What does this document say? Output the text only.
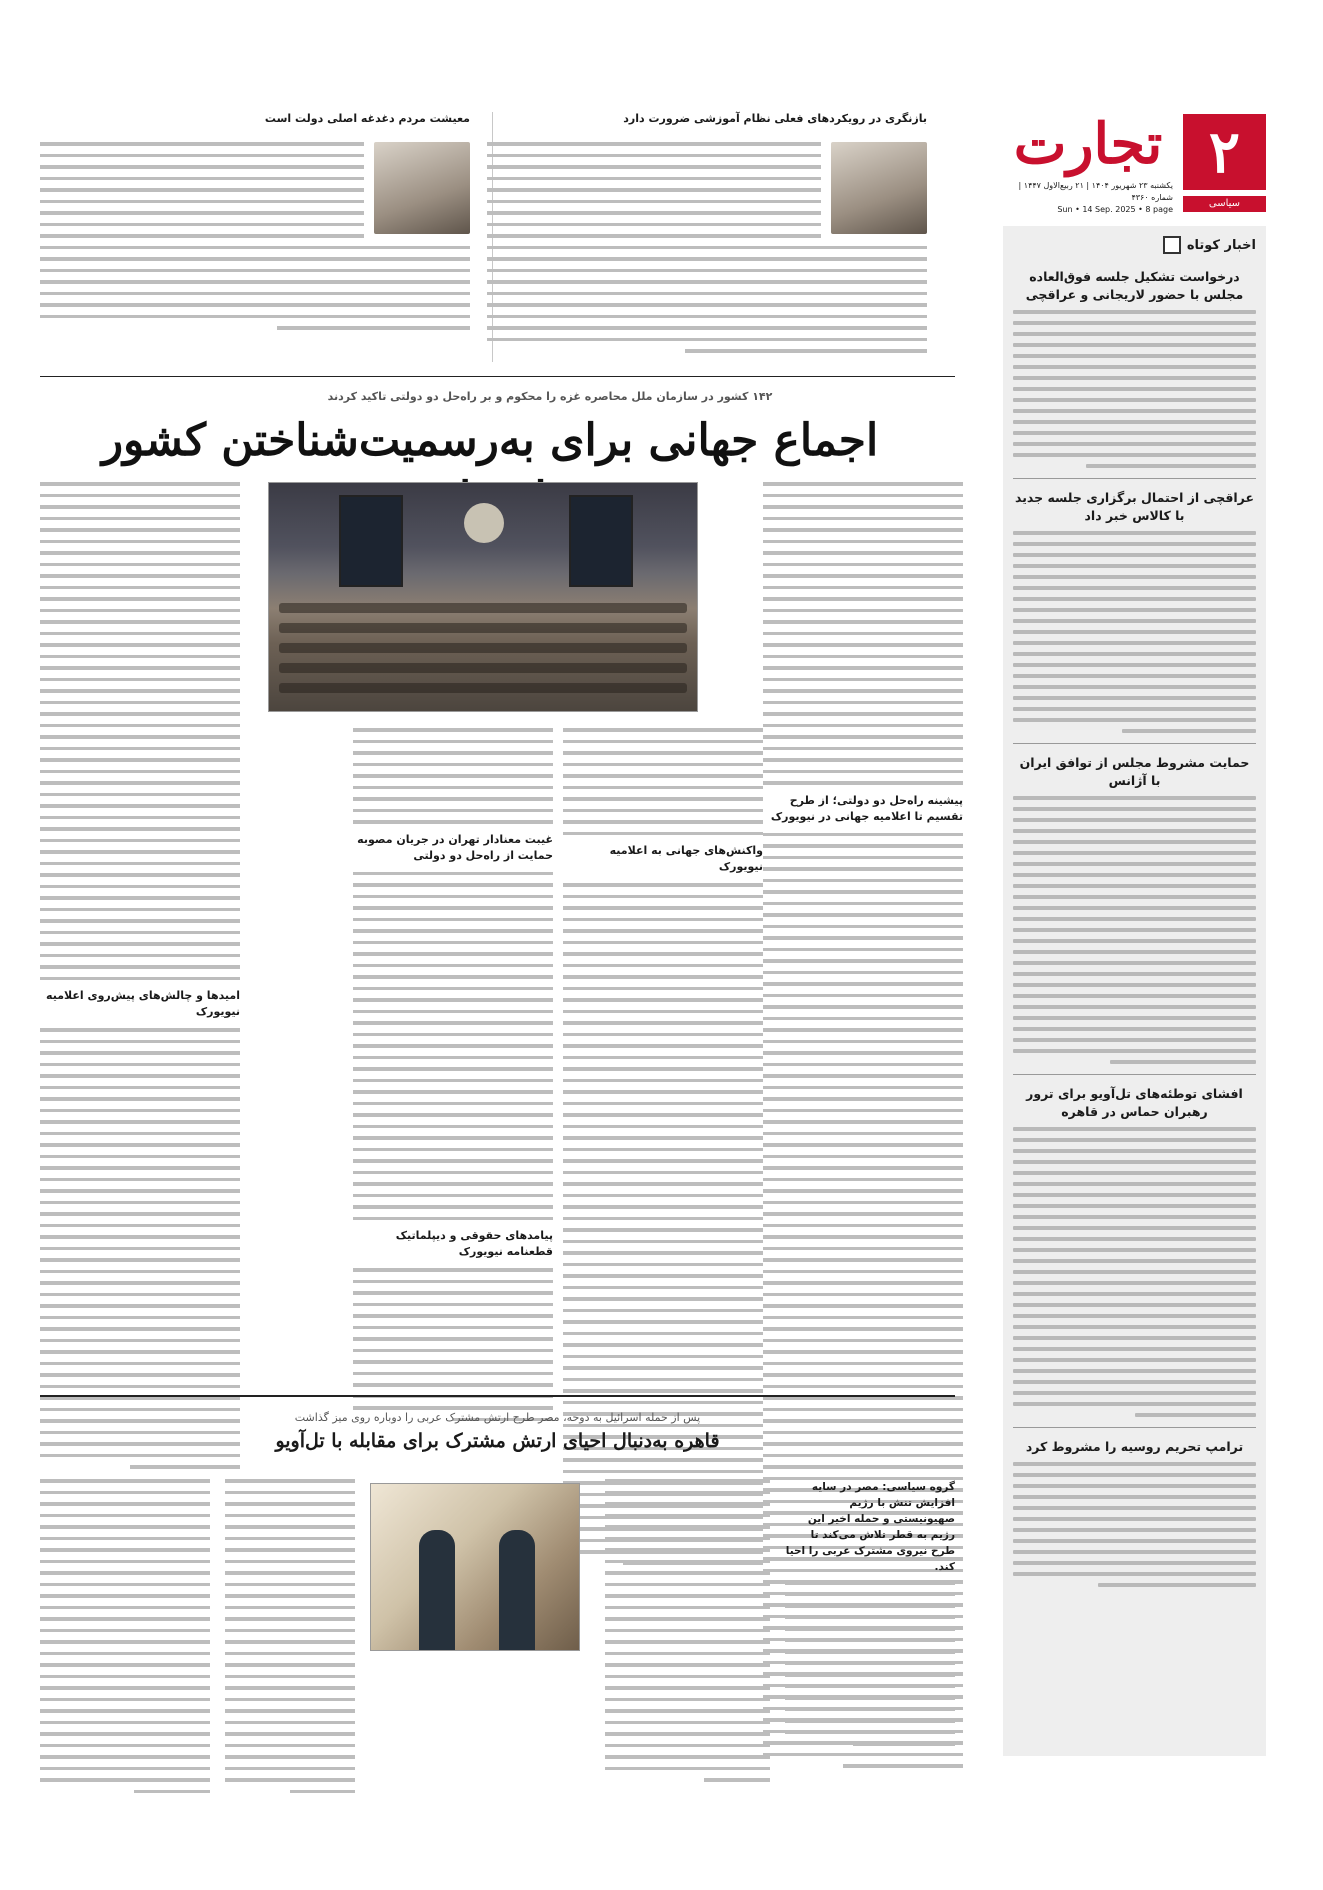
۲
تجارت
یکشنبه ۲۳ شهریور ۱۴۰۴ | ۲۱ ربیع‌الاول ۱۴۴۷ | شماره ۴۳۶۰
Sun • 14 Sep. 2025 • 8 page
سیاسی
اخبار کوتاه
درخواست تشکیل جلسه فوق‌العاده مجلس با حضور لاریجانی و عراقچی
عراقچی از احتمال برگزاری جلسه جدید با کالاس خبر داد
حمایت مشروط مجلس از توافق ایران با آژانس
افشای توطئه‌های تل‌آویو برای ترور رهبران حماس در قاهره
ترامپ تحریم روسیه را مشروط کرد
بازنگری در رویکردهای فعلی نظام آموزشی ضرورت دارد
معیشت مردم دغدغه اصلی دولت است
۱۴۲ کشور در سازمان ملل محاصره غزه را محکوم و بر راه‌حل دو دولتی تاکید کردند
اجماع جهانی برای به‌رسمیت‌شناختن کشور
پیشینه راه‌حل دو دولتی؛ از طرح تقسیم تا اعلامیه جهانی در نیویورک
واکنش‌های جهانی به اعلامیه نیویورک
غیبت معنادار تهران در جریان مصوبه حمایت از راه‌حل دو دولتی
پیامدهای حقوقی و دیپلماتیک قطعنامه نیویورک
امیدها و چالش‌های پیش‌روی اعلامیه نیویورک
پس از حمله اسرائیل به دوحه، مصر طرح ارتش مشترک عربی را دوباره روی میز گذاشت
قاهره به‌دنبال احیای ارتش مشترک برای مقابله با تل‌آویو
گروه سیاسی: مصر در سایه افزایش تنش با رژیم صهیونیستی و حمله اخیر این رژیم به قطر تلاش می‌کند تا طرح نیروی مشترک عربی را احیا کند.
